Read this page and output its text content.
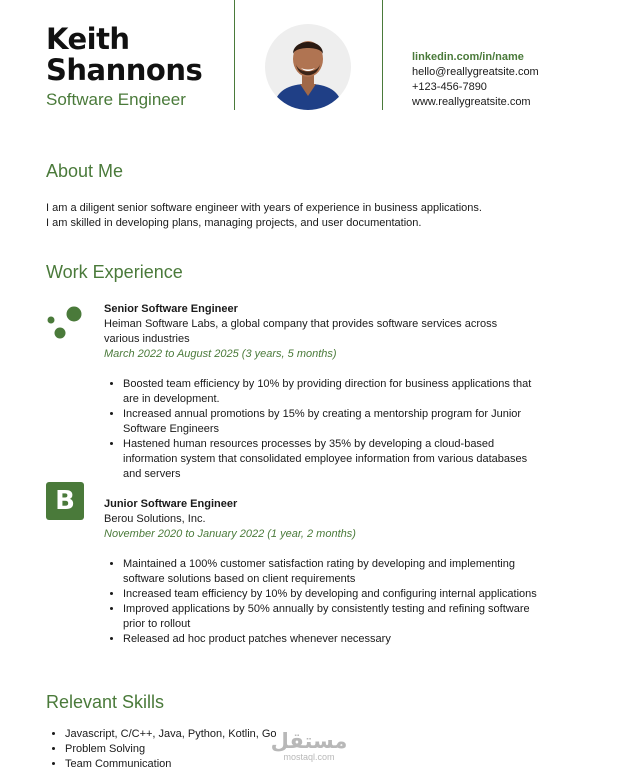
Keith
Shannons
Software Engineer
linkedin.com/in/name
hello@reallygreatsite.com
+123-456-7890
www.reallygreatsite.com
About Me
I am a diligent senior software engineer with years of experience in business applications.
I am skilled in developing plans, managing projects, and user documentation.
Work Experience
Senior Software Engineer
Heiman Software Labs, a global company that provides software services across various industries
March 2022 to August 2025 (3 years, 5 months)
• Boosted team efficiency by 10% by providing direction for business applications that are in development.
• Increased annual promotions by 15% by creating a mentorship program for Junior Software Engineers
• Hastened human resources processes by 35% by developing a cloud-based information system that consolidated employee information from various databases and servers
B	Junior Software Engineer
Berou Solutions, Inc.
November 2020 to January 2022 (1 year, 2 months)
• Maintained a 100% customer satisfaction rating by developing and implementing software solutions based on client requirements
• Increased team efficiency by 10% by developing and configuring internal applications
• Improved applications by 50% annually by consistently testing and refining software prior to rollout
• Released ad hoc product patches whenever necessary
Relevant Skills
• Javascript, C/C++, Java, Python, Kotlin, Go
• Problem Solving
• Team Communication
مستقل
mostaql.com
